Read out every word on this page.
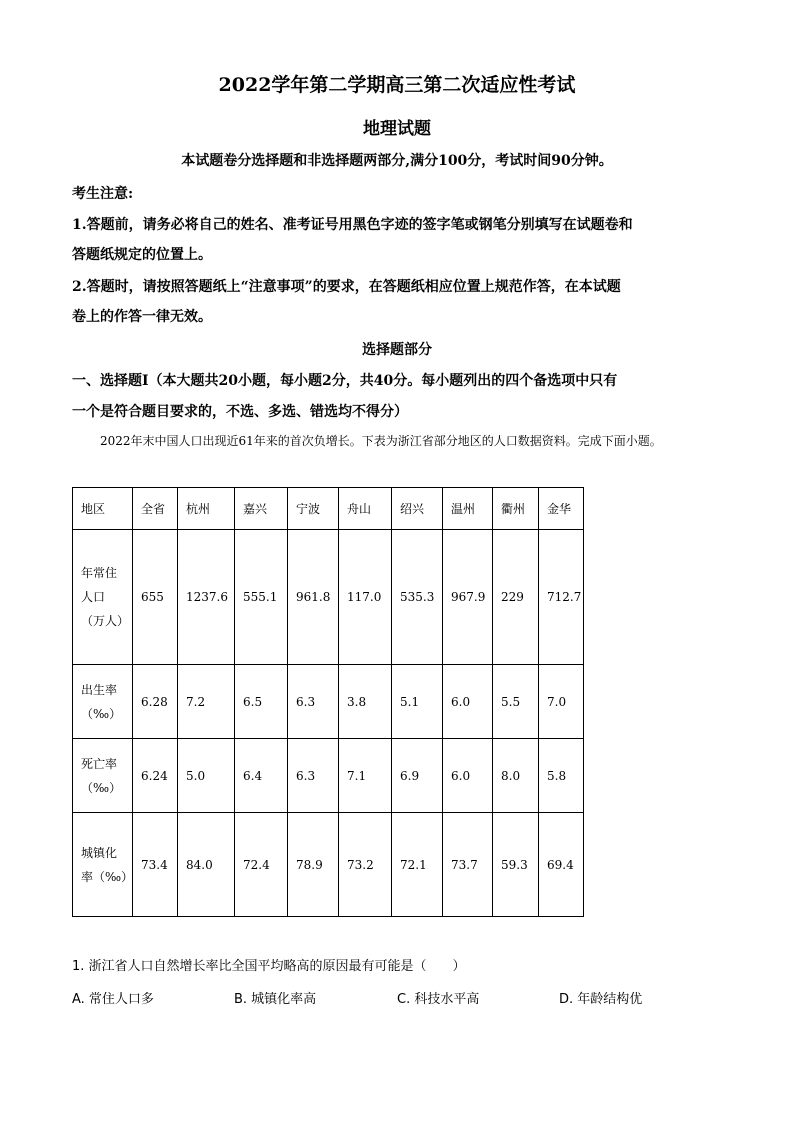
2022学年第二学期高三第二次适应性考试
地理试题
本试题卷分选择题和非选择题两部分,满分100分，考试时间90分钟。
考生注意:
1.答题前，请务必将自己的姓名、准考证号用黑色字迹的签字笔或钢笔分别填写在试题卷和
答题纸规定的位置上。
2.答题时，请按照答题纸上“注意事项”的要求，在答题纸相应位置上规范作答，在本试题
卷上的作答一律无效。
选择题部分
一、选择题Ⅰ（本大题共20小题，每小题2分，共40分。每小题列出的四个备选项中只有
一个是符合题目要求的，不选、多选、错选均不得分）
2022年末中国人口出现近61年来的首次负增长。下表为浙江省部分地区的人口数据资料。完成下面小题。
地区	全省	杭州	嘉兴	宁波	舟山	绍兴	温州	衢州	金华
年常住人口（万人）	655	1237.6	555.1	961.8	117.0	535.3	967.9	229	712.7
出生率（‰）	6.28	7.2	6.5	6.3	3.8	5.1	6.0	5.5	7.0
死亡率（‰）	6.24	5.0	6.4	6.3	7.1	6.9	6.0	8.0	5.8
城镇化率（‰）	73.4	84.0	72.4	78.9	73.2	72.1	73.7	59.3	69.4
1. 浙江省人口自然增长率比全国平均略高的原因最有可能是（　　）
A. 常住人口多	B. 城镇化率高	C. 科技水平高	D. 年龄结构优
